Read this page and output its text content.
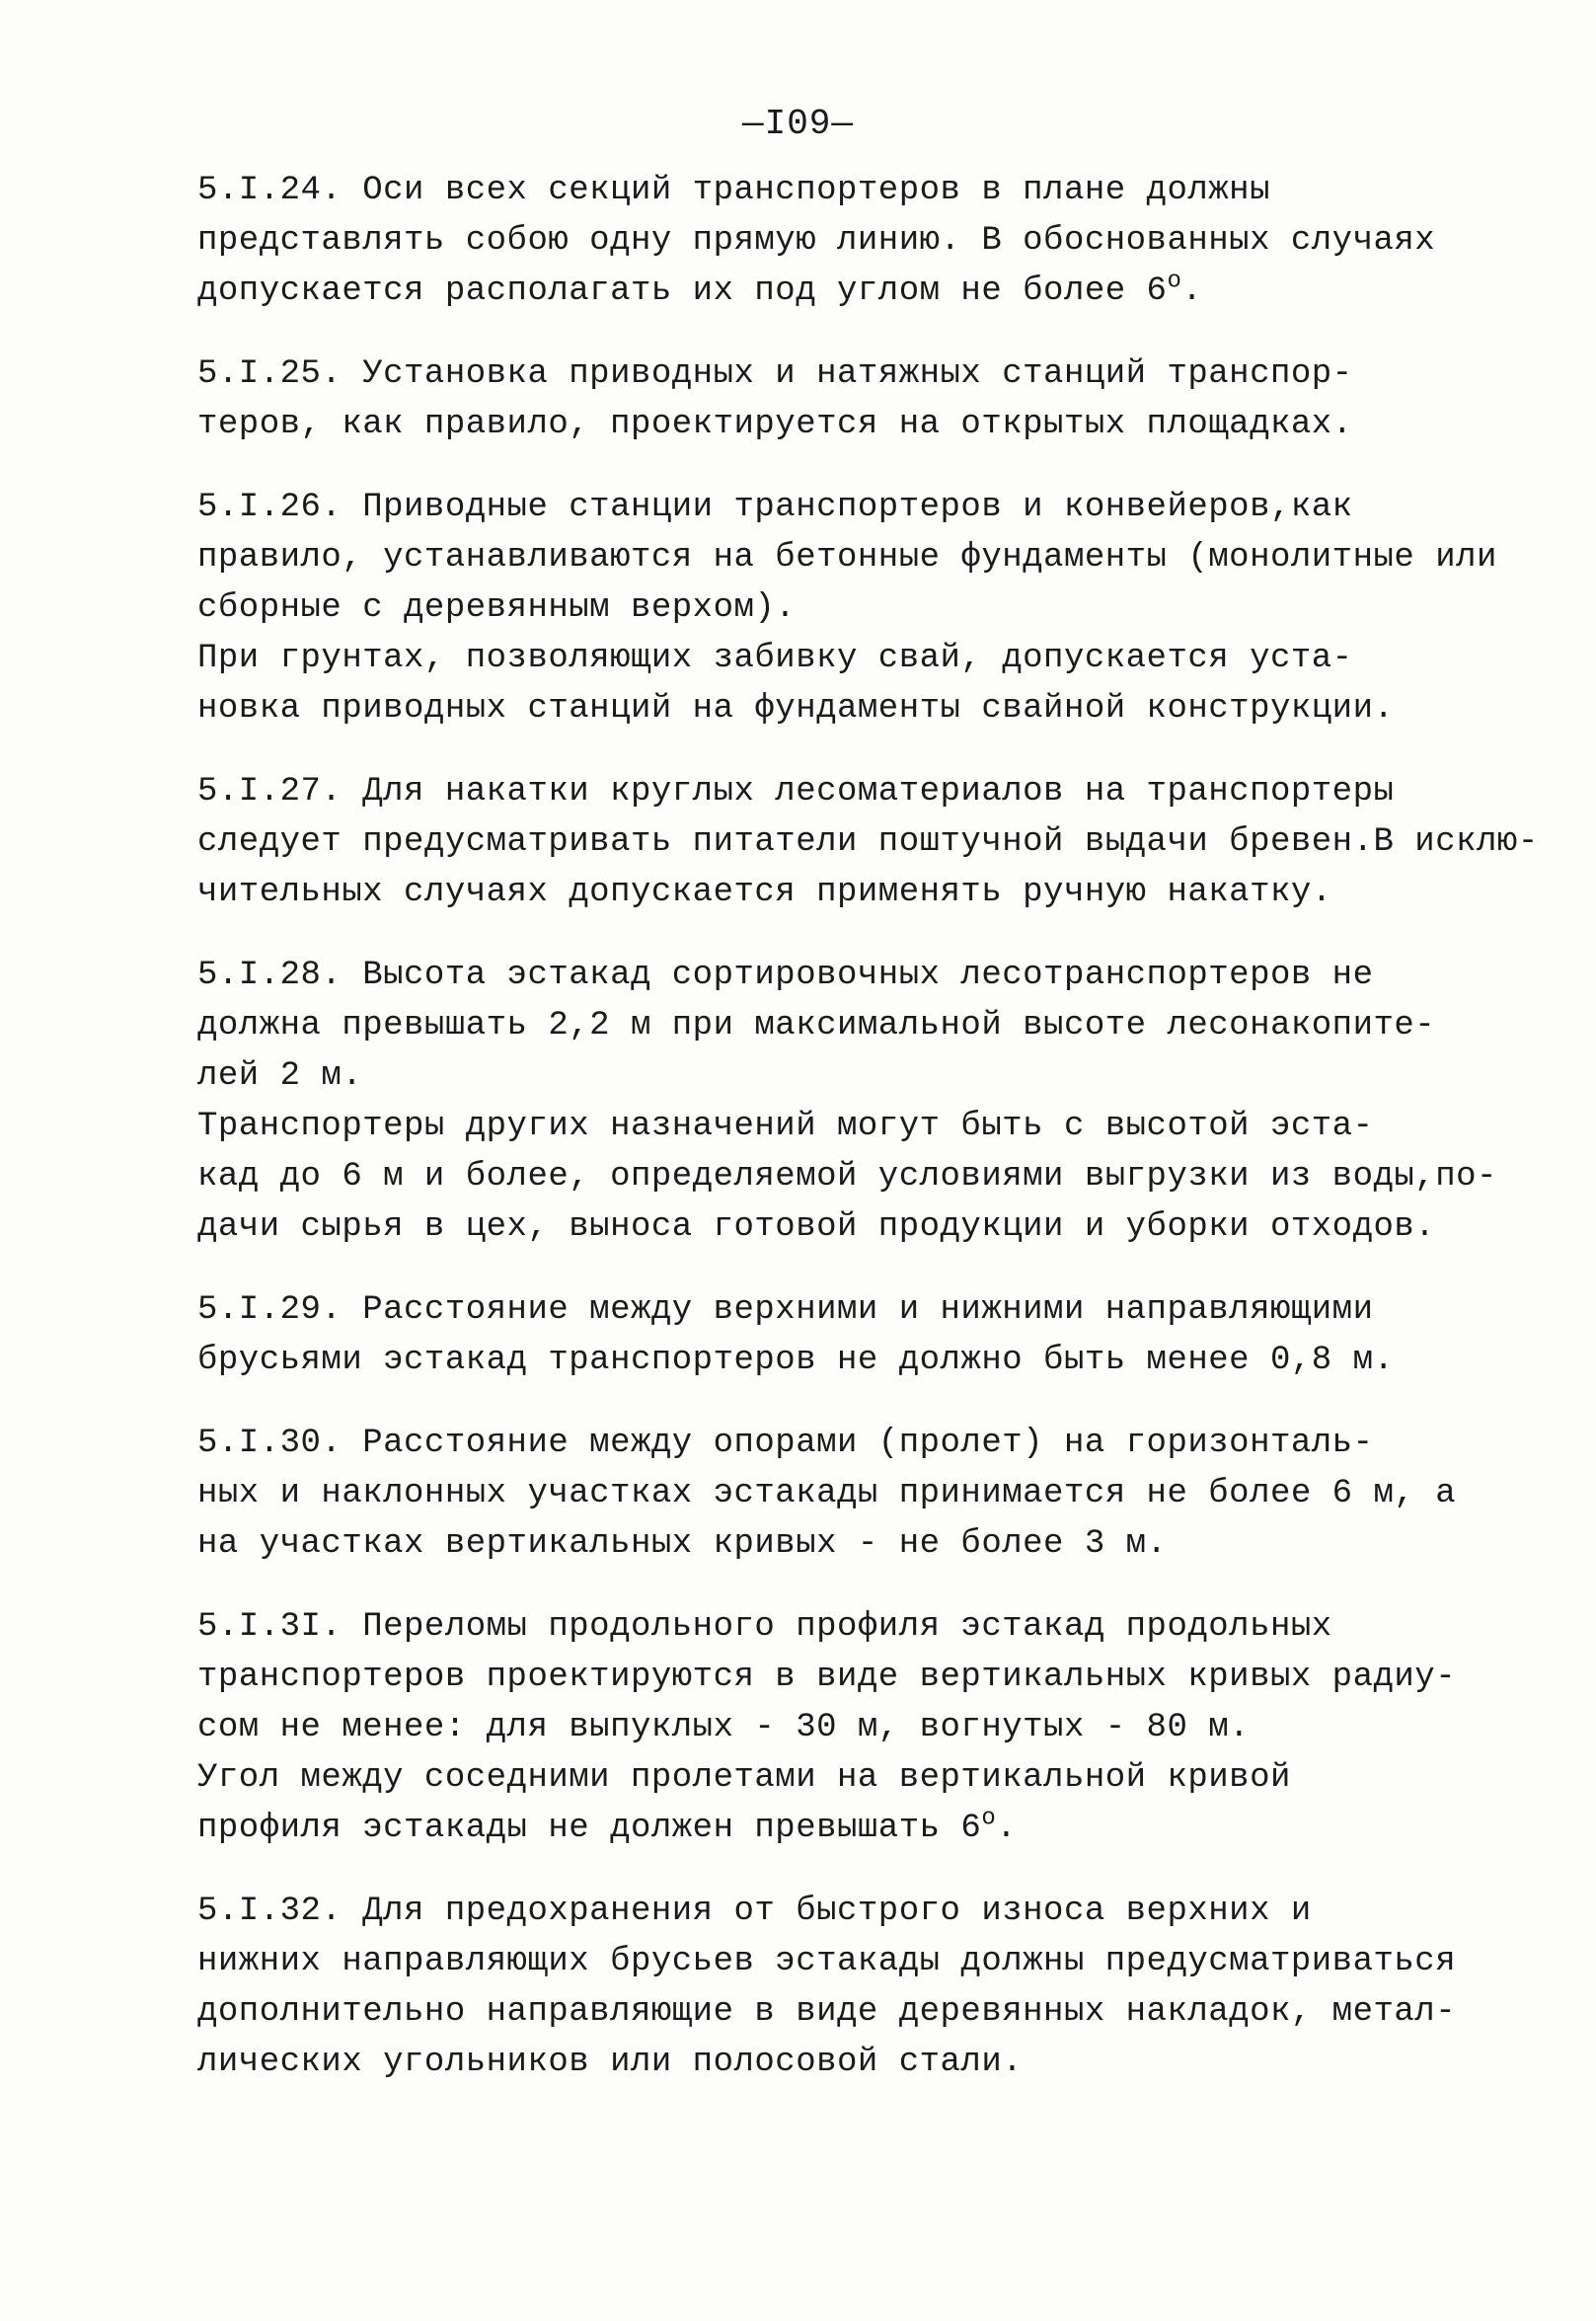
—I09—

5.I.24. Оси всех секций транспортеров в плане должны
представлять собою одну прямую линию. В обоснованных случаях
допускается располагать их под углом не более $6^о$.

5.I.25. Установка приводных и натяжных станций транспор-
теров, как правило, проектируется на открытых площадках.

5.I.26. Приводные станции транспортеров и конвейеров,как
правило, устанавливаются на бетонные фундаменты (монолитные или
сборные с деревянным верхом).

При грунтах, позволяющих забивку свай, допускается уста-
новка приводных станций на фундаменты свайной конструкции.

5.I.27. Для накатки круглых лесоматериалов на транспортеры
следует предусматривать питатели поштучной выдачи бревен.В исклю-
чительных случаях допускается применять ручную накатку.

5.I.28. Высота эстакад сортировочных лесотранспортеров не
должна превышать 2,2 м при максимальной высоте лесонакопите-
лей 2 м.

Транспортеры других назначений могут быть с высотой эста-
кад до 6 м и более, определяемой условиями выгрузки из воды,по-
дачи сырья в цех, выноса готовой продукции и уборки отходов.

5.I.29. Расстояние между верхними и нижними направляющими
брусьями эстакад транспортеров не должно быть менее 0,8 м.

5.I.30. Расстояние между опорами (пролет) на горизонталь-
ных и наклонных участках эстакады принимается не более 6 м, а
на участках вертикальных кривых - не более 3 м.

5.I.3I. Переломы продольного профиля эстакад продольных
транспортеров проектируются в виде вертикальных кривых радиу-
сом не менее: для выпуклых - 30 м, вогнутых - 80 м.

Угол между соседними пролетами на вертикальной кривой
профиля эстакады не должен превышать $6^о$.

5.I.32. Для предохранения от быстрого износа верхних и
нижних направляющих брусьев эстакады должны предусматриваться
дополнительно направляющие в виде деревянных накладок, метал-
лических угольников или полосовой стали.
